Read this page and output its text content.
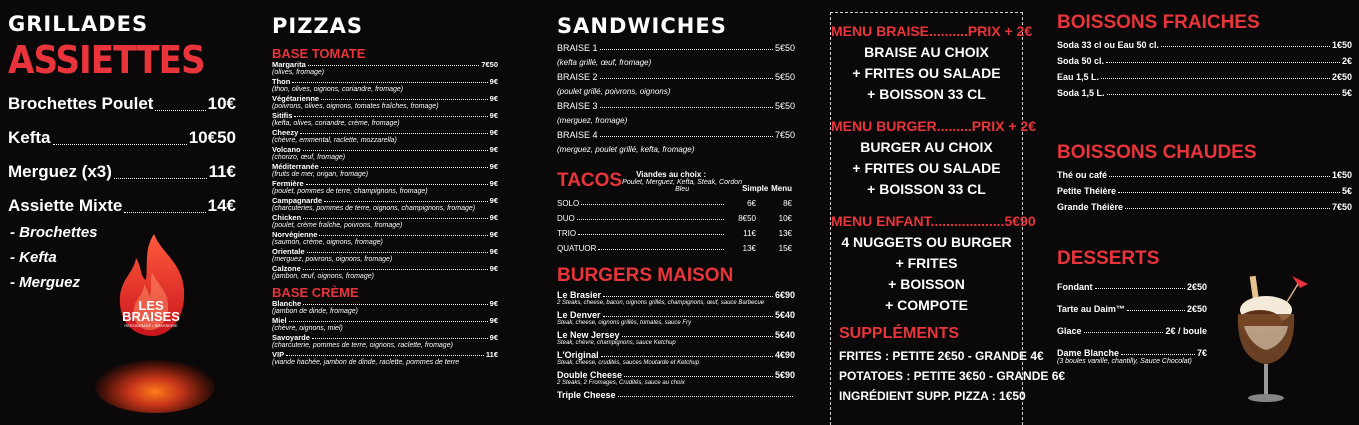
GRILLADES
ASSIETTES
Brochettes Poulet	10€
Kefta	10€50
Merguez (x3)	11€
Assiette Mixte	14€
- Brochettes
- Kefta
- Merguez
LES
BRAISES
RESTAURANT • BRASSERIE
PIZZAS
BASE TOMATE
Margarita	7€50
(olives, fromage)
Thon	9€
(thon, olives, oignons, coriandre, fromage)
Végétarienne	9€
(poivrons, olives, oignons, tomates fraîches, fromage)
Sitifis	9€
(kefta, olives, coriandre, crème, fromage)
Cheezy	9€
(chèvre, emmental, raclette, mozzarella)
Volcano	9€
(chorizo, œuf, fromage)
Méditerranée	9€
(fruits de mer, origan, fromage)
Fermière	9€
(poulet, pommes de terre, champignons, fromage)
Campagnarde	9€
(charcuteries, pommes de terre, oignons, champignons, fromage)
Chicken	9€
(poulet, crème fraîche, poivrons, fromage)
Norvégienne	9€
(saumon, crème, oignons, fromage)
Orientale	9€
(merguez, poivrons, oignons, fromage)
Calzone	9€
(jambon, œuf, oignons, fromage)
BASE CRÈME
Blanche	9€
(jambon de dinde, fromage)
Miel	9€
(chèvre, oignons, miel)
Savoyarde	9€
(charcuterie, pommes de terre, oignons, raclette, fromage)
VIP	11€
(viande hachée, jambon de dinde, raclette, pommes de terre
SANDWICHES
BRAISE 1	5€50
(kefta grillé, œuf, fromage)
BRAISE 2	5€50
(poulet grillé, poivrons, oignons)
BRAISE 3	5€50
(merguez, fromage)
BRAISE 4	7€50
(merguez, poulet grillé, kefta, fromage)
TACOS Viandes au choix :
Poulet, Merguez, Kefta, Steak, Cordon Bleu	Simple Menu
SOLO	6€	8€
DUO	8€50	10€
TRIO	11€	13€
QUATUOR	13€	15€
BURGERS MAISON
Le Brasier	6€90
2 Steaks, cheese, bacon, oignons grillés, champignons, œuf, sauce Barbecue
Le Denver	5€40
Steak, cheese, oignons grillés, tomates, sauce Fry
Le New Jersey	5€40
Steak, chèvre, champignons, sauce Ketchup
L'Original	4€90
Steak, cheese, crudités, sauces Moutarde et Ketchup
Double Cheese	5€90
2 Steaks, 2 Fromages, Crudités, sauce au choix
Triple Cheese
MENU BRAISE..........PRIX + 2€
BRAISE AU CHOIX
+ FRITES OU SALADE
+ BOISSON 33 CL
MENU BURGER.........PRIX + 2€
BURGER AU CHOIX
+ FRITES OU SALADE
+ BOISSON 33 CL
MENU ENFANT...................5€90
4 NUGGETS OU BURGER
+ FRITES
+ BOISSON
+ COMPOTE
SUPPLÉMENTS
FRITES : PETITE 2€50 - GRANDE 4€
POTATOES : PETITE 3€50 - GRANDE 6€
INGRÉDIENT SUPP. PIZZA : 1€50
BOISSONS FRAICHES
Soda 33 cl ou Eau 50 cl.	1€50
Soda 50 cl.	2€
Eau 1,5 L.	2€50
Soda 1,5 L.	5€
BOISSONS CHAUDES
Thé ou café	1€50
Petite Théière	5€
Grande Théière	7€50
DESSERTS
Fondant	2€50
Tarte au Daim™	2€50
Glace	2€ / boule
Dame Blanche	7€
(3 boules vanille, chantilly, Sauce Chocolat)
